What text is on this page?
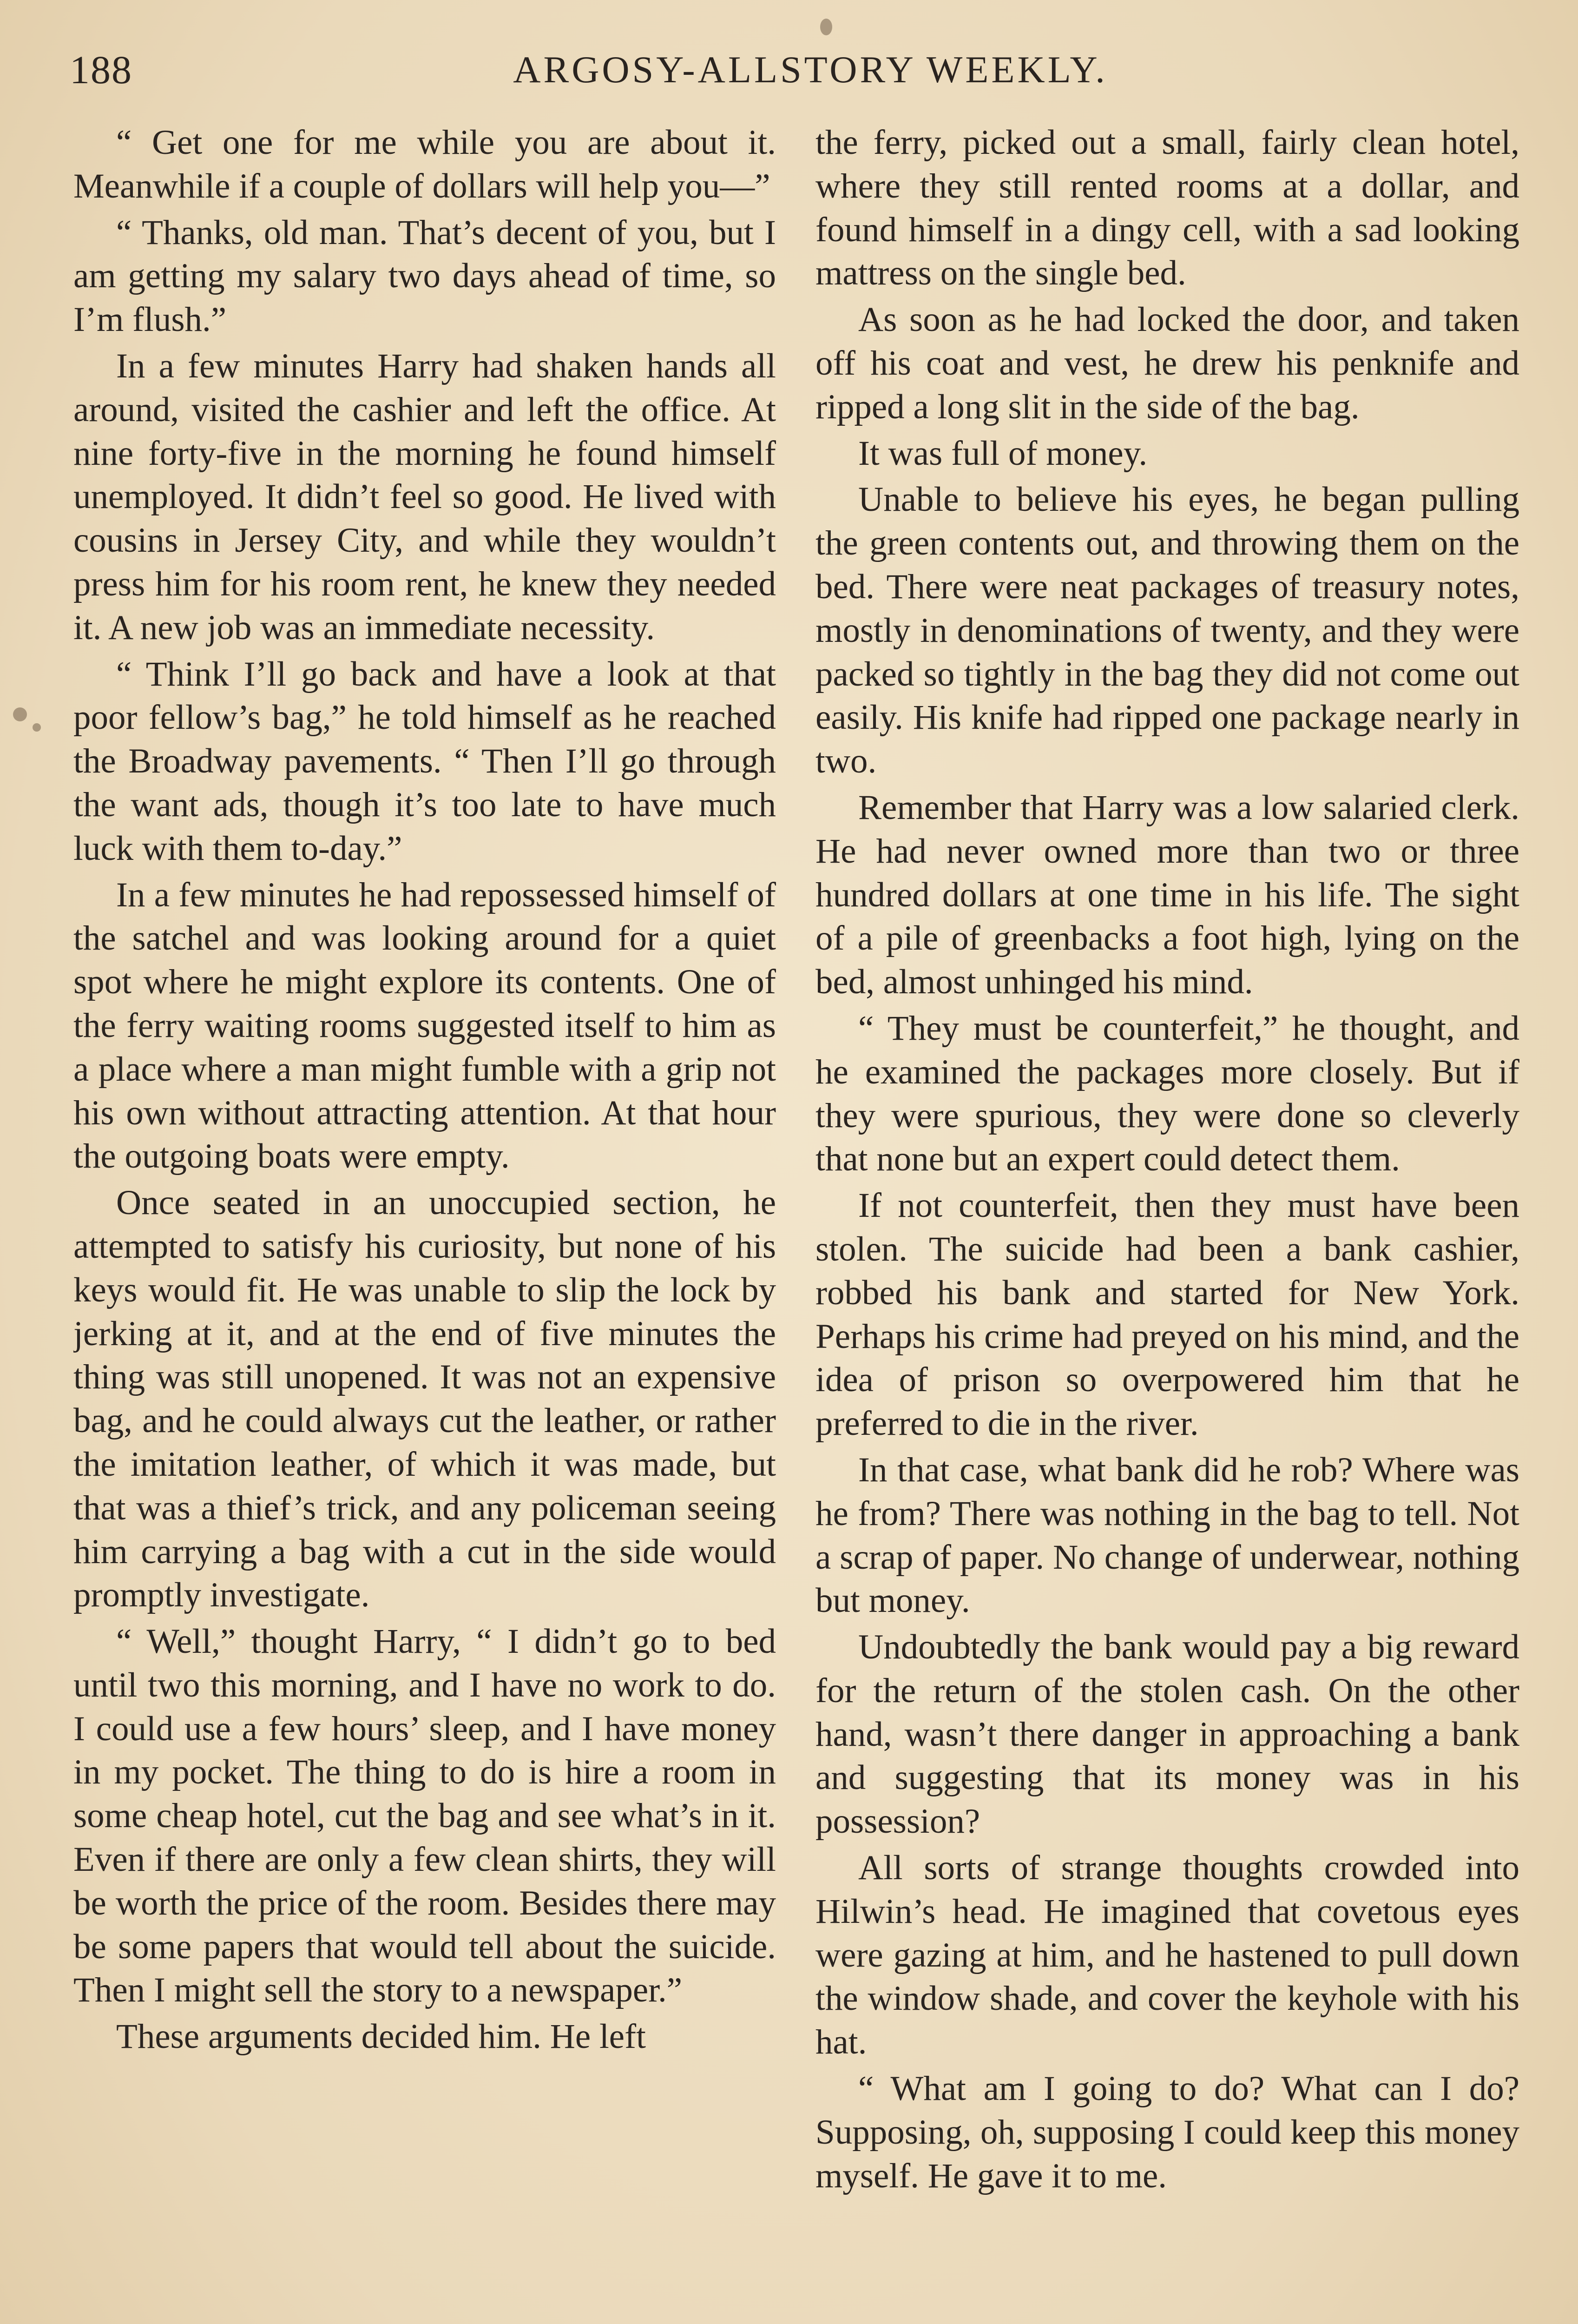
188	ARGOSY-ALLSTORY WEEKLY.

“ Get one for me while you are about it. Meanwhile if a couple of dollars will help you—”

“ Thanks, old man. That’s decent of you, but I am getting my salary two days ahead of time, so I’m flush.”

In a few minutes Harry had shaken hands all around, visited the cashier and left the office. At nine forty-five in the morning he found himself unemployed. It didn’t feel so good. He lived with cousins in Jersey City, and while they wouldn’t press him for his room rent, he knew they needed it. A new job was an immediate necessity.

“ Think I’ll go back and have a look at that poor fellow’s bag,” he told himself as he reached the Broadway pavements. “ Then I’ll go through the want ads, though it’s too late to have much luck with them to-day.”

In a few minutes he had repossessed himself of the satchel and was looking around for a quiet spot where he might explore its contents. One of the ferry waiting rooms suggested itself to him as a place where a man might fumble with a grip not his own without attracting attention. At that hour the outgoing boats were empty.

Once seated in an unoccupied section, he attempted to satisfy his curiosity, but none of his keys would fit. He was unable to slip the lock by jerking at it, and at the end of five minutes the thing was still unopened. It was not an expensive bag, and he could always cut the leather, or rather the imitation leather, of which it was made, but that was a thief’s trick, and any policeman seeing him carrying a bag with a cut in the side would promptly investigate.

“ Well,” thought Harry, “ I didn’t go to bed until two this morning, and I have no work to do. I could use a few hours’ sleep, and I have money in my pocket. The thing to do is hire a room in some cheap hotel, cut the bag and see what’s in it. Even if there are only a few clean shirts, they will be worth the price of the room. Besides there may be some papers that would tell about the suicide. Then I might sell the story to a newspaper.”

These arguments decided him. He left

the ferry, picked out a small, fairly clean hotel, where they still rented rooms at a dollar, and found himself in a dingy cell, with a sad looking mattress on the single bed.

As soon as he had locked the door, and taken off his coat and vest, he drew his penknife and ripped a long slit in the side of the bag.

It was full of money.

Unable to believe his eyes, he began pulling the green contents out, and throwing them on the bed. There were neat packages of treasury notes, mostly in denominations of twenty, and they were packed so tightly in the bag they did not come out easily. His knife had ripped one package nearly in two.

Remember that Harry was a low salaried clerk. He had never owned more than two or three hundred dollars at one time in his life. The sight of a pile of greenbacks a foot high, lying on the bed, almost unhinged his mind.

“ They must be counterfeit,” he thought, and he examined the packages more closely. But if they were spurious, they were done so cleverly that none but an expert could detect them.

If not counterfeit, then they must have been stolen. The suicide had been a bank cashier, robbed his bank and started for New York. Perhaps his crime had preyed on his mind, and the idea of prison so overpowered him that he preferred to die in the river.

In that case, what bank did he rob? Where was he from? There was nothing in the bag to tell. Not a scrap of paper. No change of underwear, nothing but money.

Undoubtedly the bank would pay a big reward for the return of the stolen cash. On the other hand, wasn’t there danger in approaching a bank and suggesting that its money was in his possession?

All sorts of strange thoughts crowded into Hilwin’s head. He imagined that covetous eyes were gazing at him, and he hastened to pull down the window shade, and cover the keyhole with his hat.

“ What am I going to do? What can I do? Supposing, oh, supposing I could keep this money myself. He gave it to me.
